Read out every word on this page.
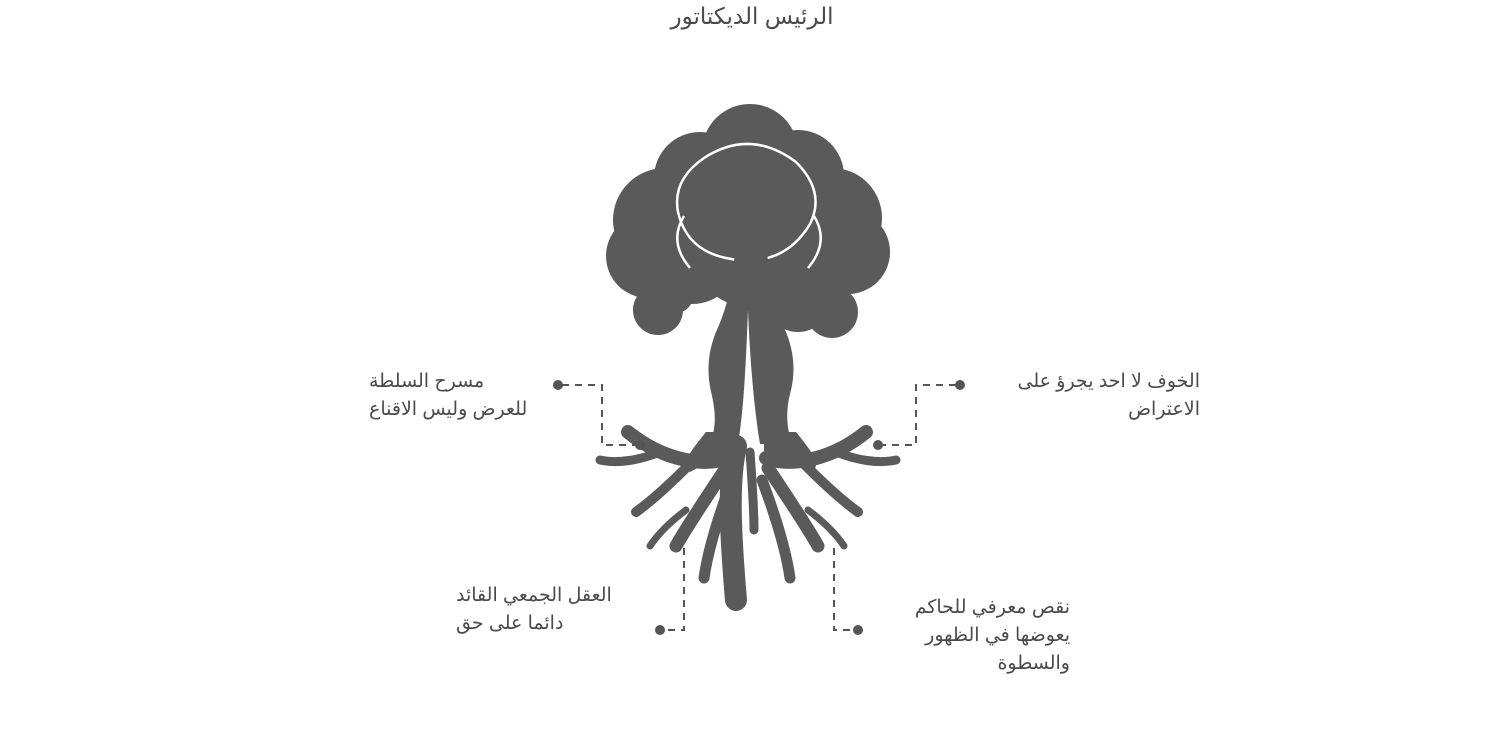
الرئيس الديكتاتور
مسرح السلطة للعرض وليس الاقناع
الخوف لا احد يجرؤ على الاعتراض
العقل الجمعي القائد دائما على حق
نقص معرفي للحاكم يعوضها في الظهور والسطوة
